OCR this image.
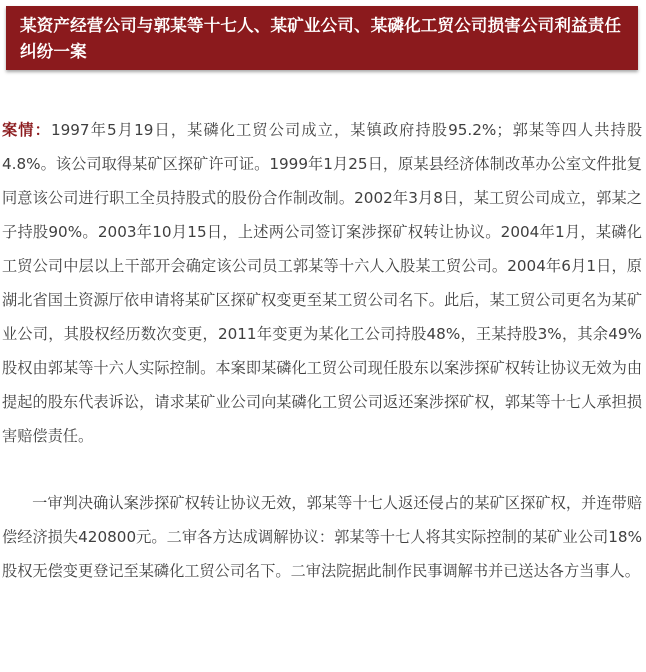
某资产经营公司与郭某等十七人、某矿业公司、某磷化工贸公司损害公司利益责任纠纷一案

案情：1997年5月19日，某磷化工贸公司成立，某镇政府持股95.2%；郭某等四人共持股4.8%。该公司取得某矿区探矿许可证。1999年1月25日，原某县经济体制改革办公室文件批复同意该公司进行职工全员持股式的股份合作制改制。2002年3月8日，某工贸公司成立，郭某之子持股90%。2003年10月15日，上述两公司签订案涉探矿权转让协议。2004年1月，某磷化工贸公司中层以上干部开会确定该公司员工郭某等十六人入股某工贸公司。2004年6月1日，原湖北省国土资源厅依申请将某矿区探矿权变更至某工贸公司名下。此后，某工贸公司更名为某矿业公司，其股权经历数次变更，2011年变更为某化工公司持股48%，王某持股3%，其余49%股权由郭某等十六人实际控制。本案即某磷化工贸公司现任股东以案涉探矿权转让协议无效为由提起的股东代表诉讼，请求某矿业公司向某磷化工贸公司返还案涉探矿权，郭某等十七人承担损害赔偿责任。

一审判决确认案涉探矿权转让协议无效，郭某等十七人返还侵占的某矿区探矿权，并连带赔偿经济损失420800元。二审各方达成调解协议：郭某等十七人将其实际控制的某矿业公司18%股权无偿变更登记至某磷化工贸公司名下。二审法院据此制作民事调解书并已送达各方当事人。
